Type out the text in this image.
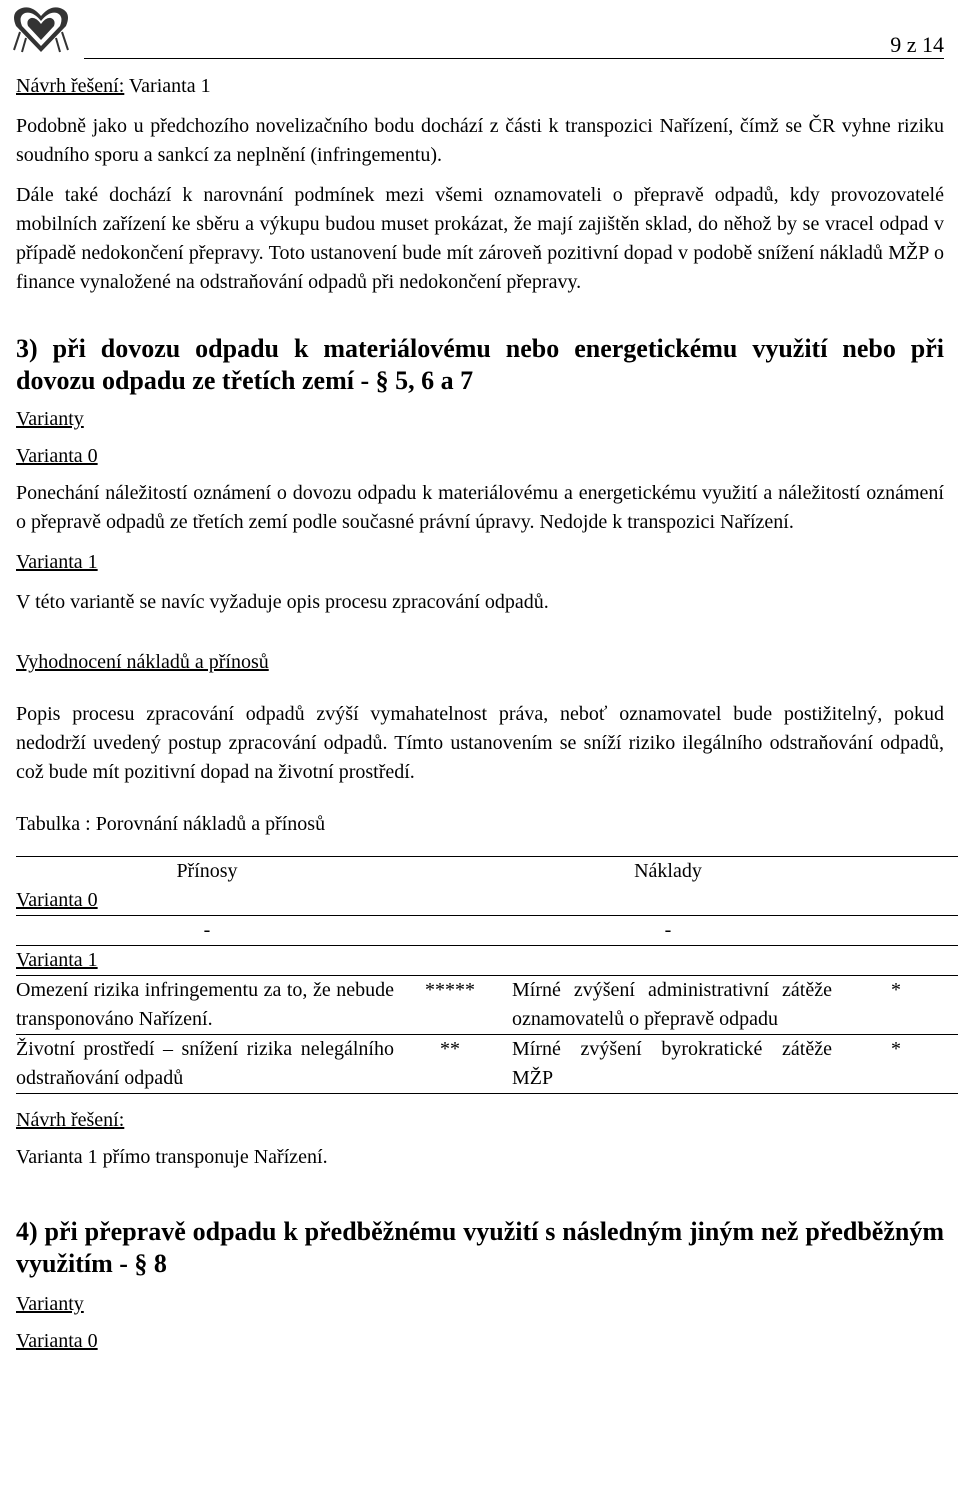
9 z 14

Návrh řešení: Varianta 1

Podobně jako u předchozího novelizačního bodu dochází z části k transpozici Nařízení, čímž se ČR vyhne riziku soudního sporu a sankcí za neplnění (infringementu).

Dále také dochází k narovnání podmínek mezi všemi oznamovateli o přepravě odpadů, kdy provozovatelé mobilních zařízení ke sběru a výkupu budou muset prokázat, že mají zajištěn sklad, do něhož by se vracel odpad v případě nedokončení přepravy. Toto ustanovení bude mít zároveň pozitivní dopad v podobě snížení nákladů MŽP o finance vynaložené na odstraňování odpadů při nedokončení přepravy.

3) při dovozu odpadu k materiálovému nebo energetickému využití nebo při dovozu odpadu ze třetích zemí - § 5, 6 a 7

Varianty

Varianta 0

Ponechání náležitostí oznámení o dovozu odpadu k materiálovému a energetickému využití a náležitostí oznámení o přepravě odpadů ze třetích zemí podle současné právní úpravy. Nedojde k transpozici Nařízení.

Varianta 1

V této variantě se navíc vyžaduje opis procesu zpracování odpadů.

Vyhodnocení nákladů a přínosů

Popis procesu zpracování odpadů zvýší vymahatelnost práva, neboť oznamovatel bude postižitelný, pokud nedodrží uvedený postup zpracování odpadů. Tímto ustanovením se sníží riziko ilegálního odstraňování odpadů, což bude mít pozitivní dopad na životní prostředí.

Tabulka : Porovnání nákladů a přínosů

Přínosy		Náklady	
Varianta 0			
-		-	
Varianta 1			
Omezení rizika infringementu za to, že nebude transponováno Nařízení.	*****	Mírné zvýšení administrativní zátěže oznamovatelů o přepravě odpadu	*
Životní prostředí – snížení rizika nelegálního odstraňování odpadů	**	Mírné zvýšení byrokratické zátěže MŽP	*

Návrh řešení:

Varianta 1 přímo transponuje Nařízení.

4) při přepravě odpadu k předběžnému využití s následným jiným než předběžným využitím - § 8

Varianty

Varianta 0
